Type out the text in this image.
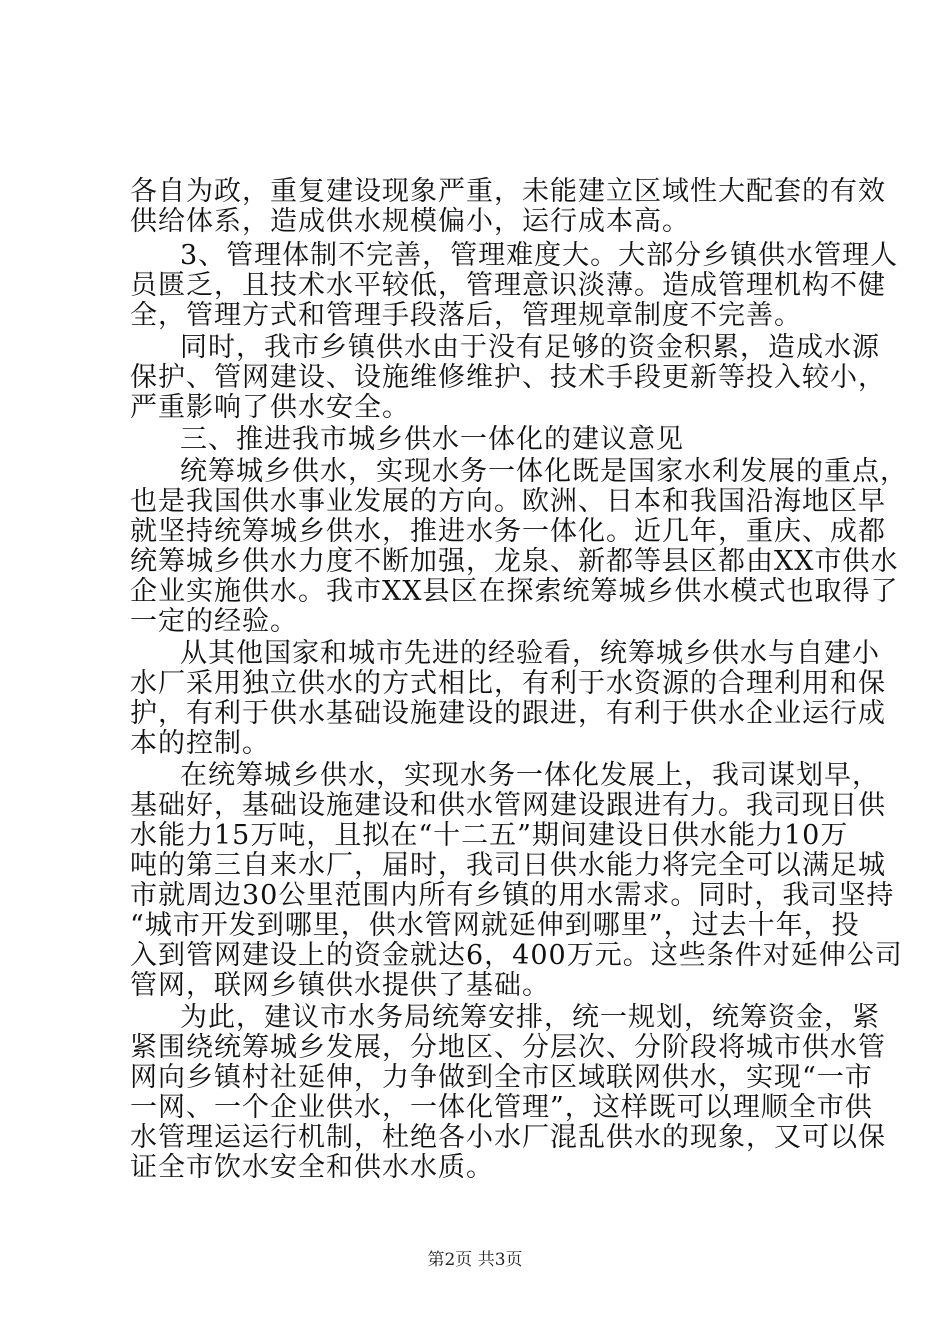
各自为政，重复建设现象严重，未能建立区域性大配套的有效
供给体系，造成供水规模偏小，运行成本高。
3、管理体制不完善，管理难度大。大部分乡镇供水管理人
员匮乏，且技术水平较低，管理意识淡薄。造成管理机构不健
全，管理方式和管理手段落后，管理规章制度不完善。
同时，我市乡镇供水由于没有足够的资金积累，造成水源
保护、管网建设、设施维修维护、技术手段更新等投入较小，
严重影响了供水安全。
三、推进我市城乡供水一体化的建议意见
统筹城乡供水，实现水务一体化既是国家水利发展的重点，
也是我国供水事业发展的方向。欧洲、日本和我国沿海地区早
就坚持统筹城乡供水，推进水务一体化。近几年，重庆、成都
统筹城乡供水力度不断加强，龙泉、新都等县区都由XX市供水
企业实施供水。我市XX县区在探索统筹城乡供水模式也取得了
一定的经验。
从其他国家和城市先进的经验看，统筹城乡供水与自建小
水厂采用独立供水的方式相比，有利于水资源的合理利用和保
护，有利于供水基础设施建设的跟进，有利于供水企业运行成
本的控制。
在统筹城乡供水，实现水务一体化发展上，我司谋划早，
基础好，基础设施建设和供水管网建设跟进有力。我司现日供
水能力15万吨，且拟在“十二五”期间建设日供水能力10万
吨的第三自来水厂，届时，我司日供水能力将完全可以满足城
市就周边30公里范围内所有乡镇的用水需求。同时，我司坚持
“城市开发到哪里，供水管网就延伸到哪里”，过去十年，投
入到管网建设上的资金就达6，400万元。这些条件对延伸公司
管网，联网乡镇供水提供了基础。
为此，建议市水务局统筹安排，统一规划，统筹资金，紧
紧围绕统筹城乡发展，分地区、分层次、分阶段将城市供水管
网向乡镇村社延伸，力争做到全市区域联网供水，实现“一市
一网、一个企业供水，一体化管理”，这样既可以理顺全市供
水管理运运行机制，杜绝各小水厂混乱供水的现象，又可以保
证全市饮水安全和供水水质。
第2页 共3页
